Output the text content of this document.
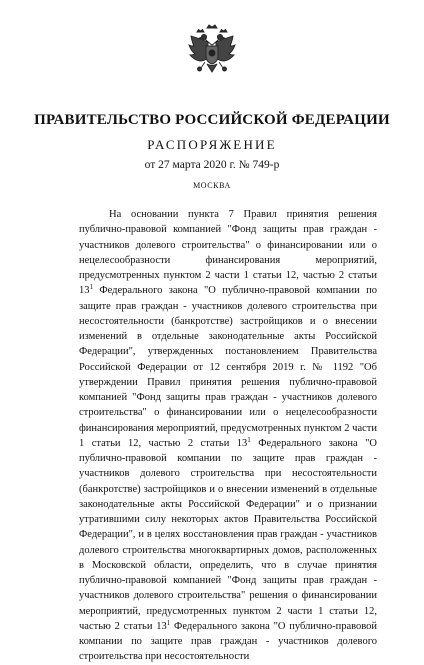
ПРАВИТЕЛЬСТВО РОССИЙСКОЙ ФЕДЕРАЦИИ
РАСПОРЯЖЕНИЕ
от 27 марта 2020 г. № 749-р
МОСКВА

На основании пункта 7 Правил принятия решения публично-правовой компанией "Фонд защиты прав граждан - участников долевого строительства" о финансировании или о нецелесообразности финансирования мероприятий, предусмотренных пунктом 2 части 1 статьи 12, частью 2 статьи $13^1$ Федерального закона "О публично-правовой компании по защите прав граждан - участников долевого строительства при несостоятельности (банкротстве) застройщиков и о внесении изменений в отдельные законодательные акты Российской Федерации", утвержденных постановлением Правительства Российской Федерации от 12 сентября 2019 г. № 1192 "Об утверждении Правил принятия решения публично-правовой компанией "Фонд защиты прав граждан - участников долевого строительства" о финансировании или о нецелесообразности финансирования мероприятий, предусмотренных пунктом 2 части 1 статьи 12, частью 2 статьи $13^1$ Федерального закона "О публично-правовой компании по защите прав граждан - участников долевого строительства при несостоятельности (банкротстве) застройщиков и о внесении изменений в отдельные законодательные акты Российской Федерации" и о признании утратившими силу некоторых актов Правительства Российской Федерации", и в целях восстановления прав граждан - участников долевого строительства многоквартирных домов, расположенных в Московской области, определить, что в случае принятия публично-правовой компанией "Фонд защиты прав граждан - участников долевого строительства" решения о финансировании мероприятий, предусмотренных пунктом 2 части 1 статьи 12, частью 2 статьи $13^1$ Федерального закона "О публично-правовой компании по защите прав граждан - участников долевого строительства при несостоятельности
